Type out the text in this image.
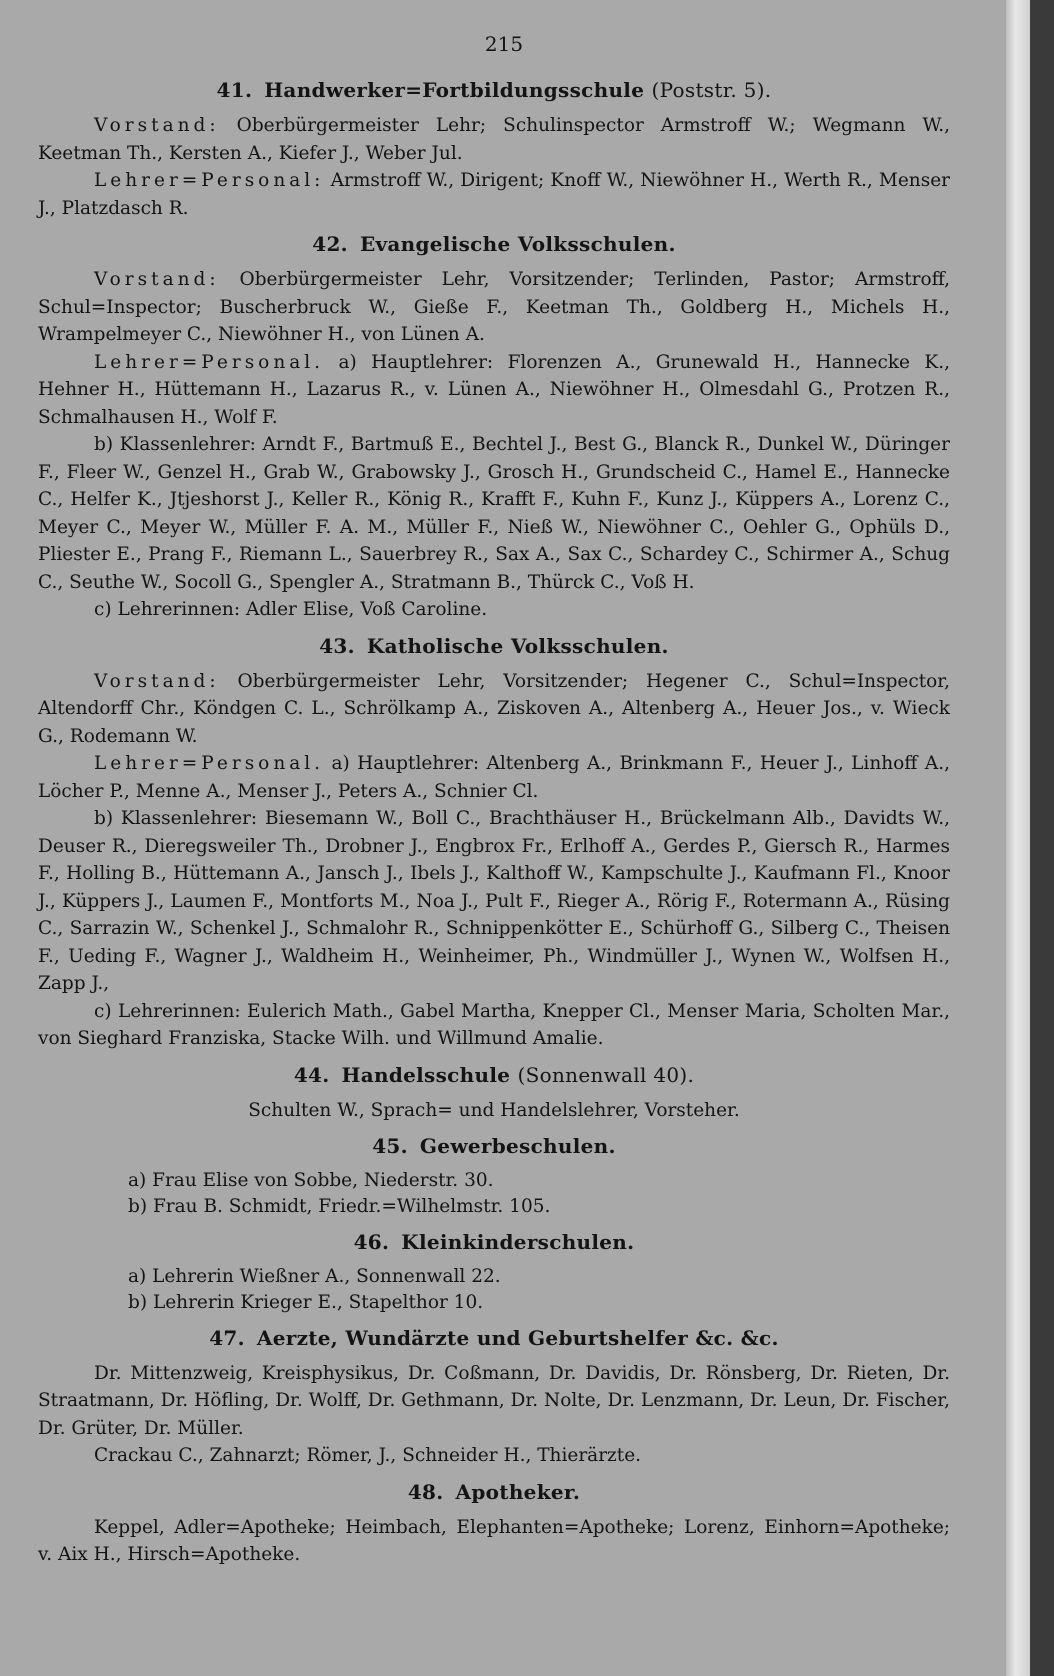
215
41. Handwerker=Fortbildungsschule (Poststr. 5).

Vorstand: Oberbürgermeister Lehr; Schulinspector Armstroff W.; Wegmann W., Keetman Th., Kersten A., Kiefer J., Weber Jul.

Lehrer=Personal: Armstroff W., Dirigent; Knoff W., Niewöhner H., Werth R., Menser J., Platzdasch R.

42. Evangelische Volksschulen.

Vorstand: Oberbürgermeister Lehr, Vorsitzender; Terlinden, Pastor; Armstroff, Schul=Inspector; Buscherbruck W., Gieße F., Keetman Th., Goldberg H., Michels H., Wrampelmeyer C., Niewöhner H., von Lünen A.

Lehrer=Personal. a) Hauptlehrer: Florenzen A., Grunewald H., Hannecke K., Hehner H., Hüttemann H., Lazarus R., v. Lünen A., Niewöhner H., Olmesdahl G., Protzen R., Schmalhausen H., Wolf F.

b) Klassenlehrer: Arndt F., Bartmuß E., Bechtel J., Best G., Blanck R., Dunkel W., Düringer F., Fleer W., Genzel H., Grab W., Grabowsky J., Grosch H., Grundscheid C., Hamel E., Hannecke C., Helfer K., Jtjeshorst J., Keller R., König R., Krafft F., Kuhn F., Kunz J., Küppers A., Lorenz C., Meyer C., Meyer W., Müller F. A. M., Müller F., Nieß W., Niewöhner C., Oehler G., Ophüls D., Pliester E., Prang F., Riemann L., Sauerbrey R., Sax A., Sax C., Schardey C., Schirmer A., Schug C., Seuthe W., Socoll G., Spengler A., Stratmann B., Thürck C., Voß H.

c) Lehrerinnen: Adler Elise, Voß Caroline.

43. Katholische Volksschulen.

Vorstand: Oberbürgermeister Lehr, Vorsitzender; Hegener C., Schul=Inspector, Altendorff Chr., Köndgen C. L., Schrölkamp A., Ziskoven A., Altenberg A., Heuer Jos., v. Wieck G., Rodemann W.

Lehrer=Personal. a) Hauptlehrer: Altenberg A., Brinkmann F., Heuer J., Linhoff A., Löcher P., Menne A., Menser J., Peters A., Schnier Cl.

b) Klassenlehrer: Biesemann W., Boll C., Brachthäuser H., Brückelmann Alb., Davidts W., Deuser R., Dieregsweiler Th., Drobner J., Engbrox Fr., Erlhoff A., Gerdes P., Giersch R., Harmes F., Holling B., Hüttemann A., Jansch J., Ibels J., Kalthoff W., Kampschulte J., Kaufmann Fl., Knoor J., Küppers J., Laumen F., Montforts M., Noa J., Pult F., Rieger A., Rörig F., Rotermann A., Rüsing C., Sarrazin W., Schenkel J., Schmalohr R., Schnippenkötter E., Schürhoff G., Silberg C., Theisen F., Ueding F., Wagner J., Waldheim H., Weinheimer, Ph., Windmüller J., Wynen W., Wolfsen H., Zapp J.,

c) Lehrerinnen: Eulerich Math., Gabel Martha, Knepper Cl., Menser Maria, Scholten Mar., von Sieghard Franziska, Stacke Wilh. und Willmund Amalie.

44. Handelsschule (Sonnenwall 40).

Schulten W., Sprach= und Handelslehrer, Vorsteher.

45. Gewerbeschulen.

a) Frau Elise von Sobbe, Niederstr. 30.

b) Frau B. Schmidt, Friedr.=Wilhelmstr. 105.

46. Kleinkinderschulen.

a) Lehrerin Wießner A., Sonnenwall 22.

b) Lehrerin Krieger E., Stapelthor 10.

47. Aerzte, Wundärzte und Geburtshelfer &c. &c.

Dr. Mittenzweig, Kreisphysikus, Dr. Coßmann, Dr. Davidis, Dr. Rönsberg, Dr. Rieten, Dr. Straatmann, Dr. Höfling, Dr. Wolff, Dr. Gethmann, Dr. Nolte, Dr. Lenzmann, Dr. Leun, Dr. Fischer, Dr. Grüter, Dr. Müller.

Crackau C., Zahnarzt; Römer, J., Schneider H., Thierärzte.

48. Apotheker.

Keppel, Adler=Apotheke; Heimbach, Elephanten=Apotheke; Lorenz, Einhorn=Apotheke; v. Aix H., Hirsch=Apotheke.
